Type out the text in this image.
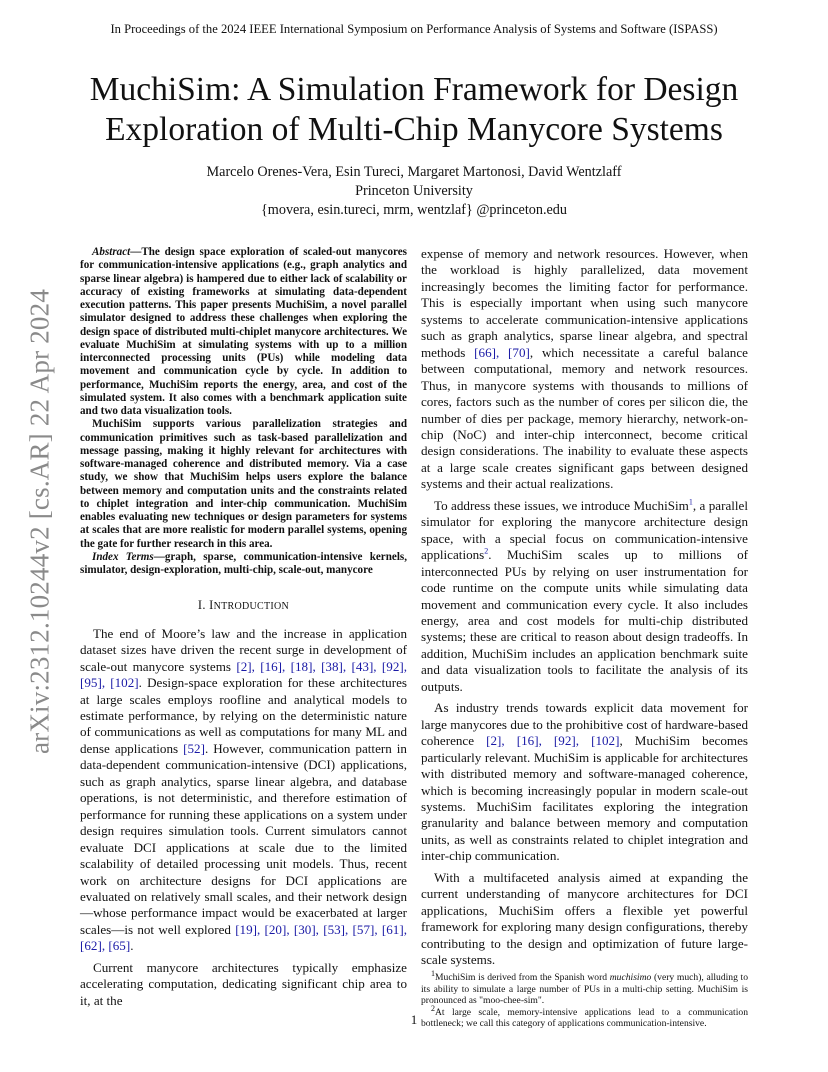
In Proceedings of the 2024 IEEE International Symposium on Performance Analysis of Systems and Software (ISPASS)
arXiv:2312.10244v2 [cs.AR] 22 Apr 2024
MuchiSim: A Simulation Framework for Design
Exploration of Multi-Chip Manycore Systems
Marcelo Orenes-Vera, Esin Tureci, Margaret Martonosi, David Wentzlaff
Princeton University
{movera, esin.tureci, mrm, wentzlaf} @princeton.edu

Abstract—The design space exploration of scaled-out manycores for communication-intensive applications (e.g., graph analytics and sparse linear algebra) is hampered due to either lack of scalability or accuracy of existing frameworks at simulating data-dependent execution patterns. This paper presents MuchiSim, a novel parallel simulator designed to address these challenges when exploring the design space of distributed multi-chiplet manycore architectures. We evaluate MuchiSim at simulating systems with up to a million interconnected processing units (PUs) while modeling data movement and communication cycle by cycle. In addition to performance, MuchiSim reports the energy, area, and cost of the simulated system. It also comes with a benchmark application suite and two data visualization tools.

MuchiSim supports various parallelization strategies and communication primitives such as task-based parallelization and message passing, making it highly relevant for architectures with software-managed coherence and distributed memory. Via a case study, we show that MuchiSim helps users explore the balance between memory and computation units and the constraints related to chiplet integration and inter-chip communication. MuchiSim enables evaluating new techniques or design parameters for systems at scales that are more realistic for modern parallel systems, opening the gate for further research in this area.

Index Terms—graph, sparse, communication-intensive kernels, simulator, design-exploration, multi-chip, scale-out, manycore

I. INTRODUCTION

The end of Moore’s law and the increase in application dataset sizes have driven the recent surge in development of scale-out manycore systems [2], [16], [18], [38], [43], [92], [95], [102]. Design-space exploration for these architectures at large scales employs roofline and analytical models to estimate performance, by relying on the deterministic nature of communications as well as computations for many ML and dense applications [52]. However, communication pattern in data-dependent communication-intensive (DCI) applications, such as graph analytics, sparse linear algebra, and database operations, is not deterministic, and therefore estimation of performance for running these applications on a system under design requires simulation tools. Current simulators cannot evaluate DCI applications at scale due to the limited scalability of detailed processing unit models. Thus, recent work on architecture designs for DCI applications are evaluated on relatively small scales, and their network design—whose performance impact would be exacerbated at larger scales—is not well explored [19], [20], [30], [53], [57], [61], [62], [65].

Current manycore architectures typically emphasize accelerating computation, dedicating significant chip area to it, at the

expense of memory and network resources. However, when the workload is highly parallelized, data movement increasingly becomes the limiting factor for performance. This is especially important when using such manycore systems to accelerate communication-intensive applications such as graph analytics, sparse linear algebra, and spectral methods [66], [70], which necessitate a careful balance between computational, memory and network resources. Thus, in manycore systems with thousands to millions of cores, factors such as the number of cores per silicon die, the number of dies per package, memory hierarchy, network-on-chip (NoC) and inter-chip interconnect, become critical design considerations. The inability to evaluate these aspects at a large scale creates significant gaps between designed systems and their actual realizations.

To address these issues, we introduce MuchiSim$^1$, a parallel simulator for exploring the manycore architecture design space, with a special focus on communication-intensive applications$^2$. MuchiSim scales up to millions of interconnected PUs by relying on user instrumentation for code runtime on the compute units while simulating data movement and communication every cycle. It also includes energy, area and cost models for multi-chip distributed systems; these are critical to reason about design tradeoffs. In addition, MuchiSim includes an application benchmark suite and data visualization tools to facilitate the analysis of its outputs.

As industry trends towards explicit data movement for large manycores due to the prohibitive cost of hardware-based coherence [2], [16], [92], [102], MuchiSim becomes particularly relevant. MuchiSim is applicable for architectures with distributed memory and software-managed coherence, which is becoming increasingly popular in modern scale-out systems. MuchiSim facilitates exploring the integration granularity and balance between memory and computation units, as well as constraints related to chiplet integration and inter-chip communication.

With a multifaceted analysis aimed at expanding the current understanding of manycore architectures for DCI applications, MuchiSim offers a flexible yet powerful framework for exploring many design configurations, thereby contributing to the design and optimization of future large-scale systems.

$^1$MuchiSim is derived from the Spanish word muchisimo (very much), alluding to its ability to simulate a large number of PUs in a multi-chip setting. MuchiSim is pronounced as "moo-chee-sim".

$^2$At large scale, memory-intensive applications lead to a communication bottleneck; we call this category of applications communication-intensive.

1
